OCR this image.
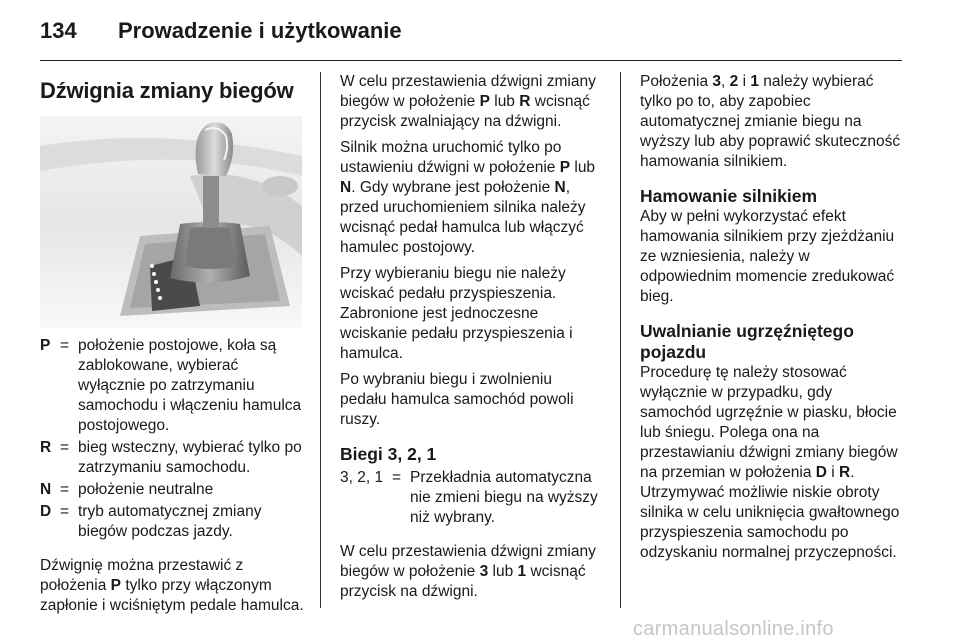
134 Prowadzenie i użytkowanie
Dźwignia zmiany biegów
P = położenie postojowe, koła są zablokowane, wybierać wyłącznie po zatrzymaniu samochodu i włączeniu hamulca postojowego.
R = bieg wsteczny, wybierać tylko po zatrzymaniu samochodu.
N = położenie neutralne
D = tryb automatycznej zmiany biegów podczas jazdy.

Dźwignię można przestawić z położenia P tylko przy włączonym zapłonie i wciśniętym pedale hamulca.

W celu przestawienia dźwigni zmiany biegów w położenie P lub R wcisnąć przycisk zwalniający na dźwigni.

Silnik można uruchomić tylko po ustawieniu dźwigni w położenie P lub N. Gdy wybrane jest położenie N, przed uruchomieniem silnika należy wcisnąć pedał hamulca lub włączyć hamulec postojowy.

Przy wybieraniu biegu nie należy wciskać pedału przyspieszenia. Zabronione jest jednoczesne wciskanie pedału przyspieszenia i hamulca.

Po wybraniu biegu i zwolnieniu pedału hamulca samochód powoli ruszy.

Biegi 3, 2, 1
3, 2, 1 = Przekładnia automatyczna nie zmieni biegu na wyższy niż wybrany.

W celu przestawienia dźwigni zmiany biegów w położenie 3 lub 1 wcisnąć przycisk na dźwigni.

Położenia 3, 2 i 1 należy wybierać tylko po to, aby zapobiec automatycznej zmianie biegu na wyższy lub aby poprawić skuteczność hamowania silnikiem.

Hamowanie silnikiem

Aby w pełni wykorzystać efekt hamowania silnikiem przy zjeżdżaniu ze wzniesienia, należy w odpowiednim momencie zredukować bieg.

Uwalnianie ugrzęźniętego pojazdu

Procedurę tę należy stosować wyłącznie w przypadku, gdy samochód ugrzęźnie w piasku, błocie lub śniegu. Polega ona na przestawianiu dźwigni zmiany biegów na przemian w położenia D i R. Utrzymywać możliwie niskie obroty silnika w celu uniknięcia gwałtownego przyspieszenia samochodu po odzyskaniu normalnej przyczepności.

carmanualsonline.info
